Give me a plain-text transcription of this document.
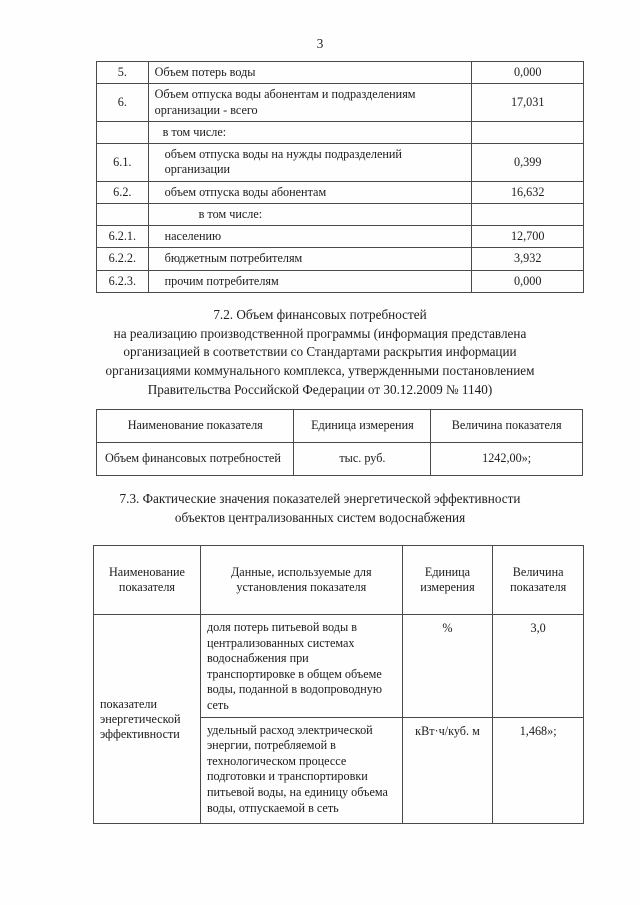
3
5.	Объем потерь воды	0,000
6.	Объем отпуска воды абонентам и подразделениям организации - всего	17,031
	в том числе:	
6.1.	объем отпуска воды на нужды подразделений организации	0,399
6.2.	объем отпуска воды абонентам	16,632
	в том числе:	
6.2.1.	населению	12,700
6.2.2.	бюджетным потребителям	3,932
6.2.3.	прочим потребителям	0,000
7.2. Объем финансовых потребностей
на реализацию производственной программы (информация представлена
организацией в соответствии со Стандартами раскрытия информации
организациями коммунального комплекса, утвержденными постановлением
Правительства Российской Федерации от 30.12.2009 № 1140)
Наименование показателя	Единица измерения	Величина показателя
Объем финансовых потребностей	тыс. руб.	1242,00»;
7.3. Фактические значения показателей энергетической эффективности
объектов централизованных систем водоснабжения
Наименование показателя	Данные, используемые для установления показателя	Единица измерения	Величина показателя
показатели энергетической эффективности	доля потерь питьевой воды в централизованных системах водоснабжения при транспортировке в общем объеме воды, поданной в водопроводную сеть	%	3,0
	удельный расход электрической энергии, потребляемой в технологическом процессе подготовки и транспортировки питьевой воды, на единицу объема воды, отпускаемой в сеть	кВт·ч/куб. м	1,468»;
